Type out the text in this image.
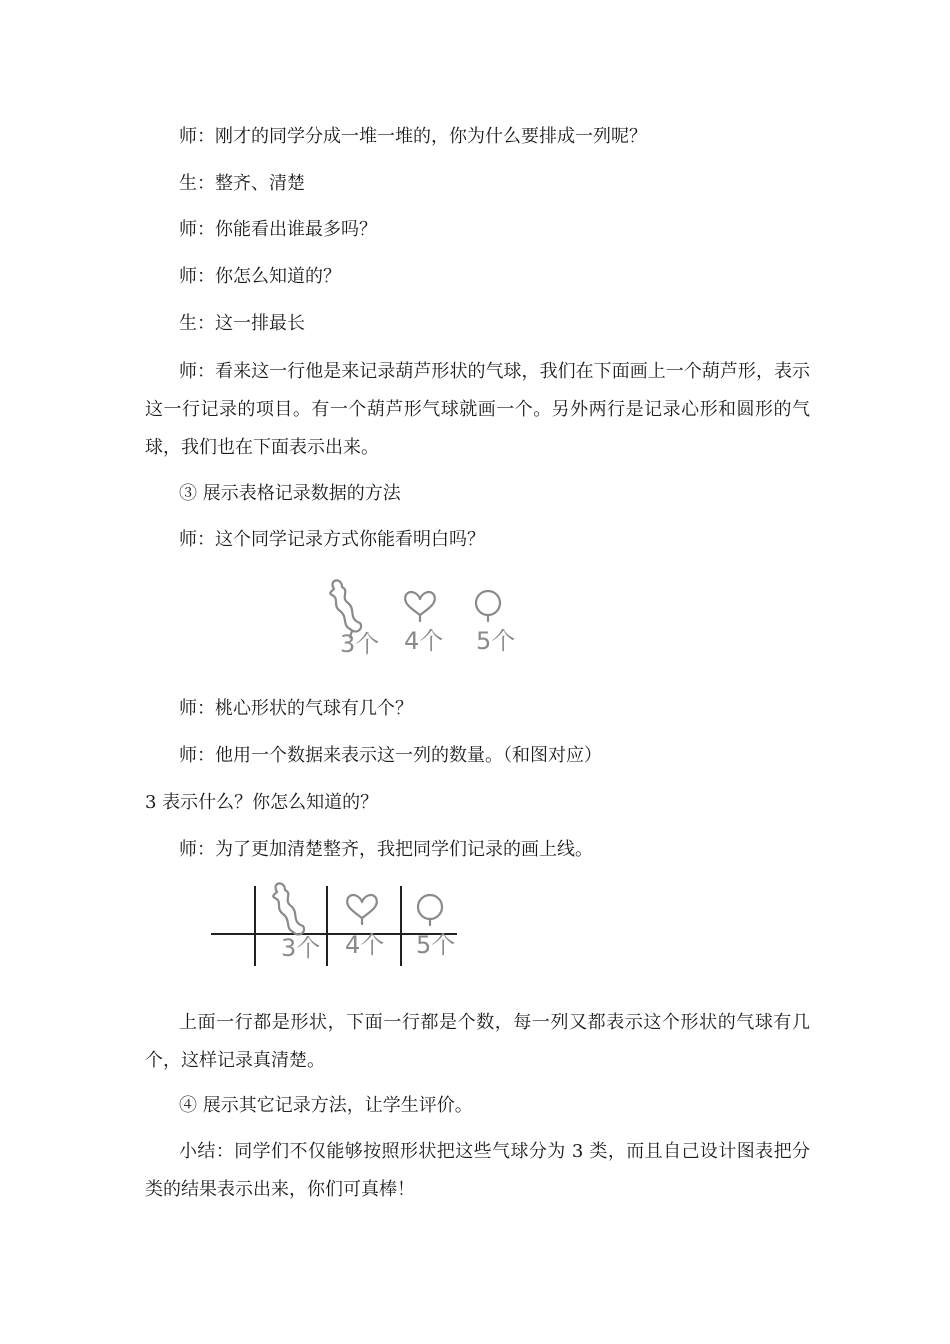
师：刚才的同学分成一堆一堆的，你为什么要排成一列呢？

生：整齐、清楚

师：你能看出谁最多吗？

师：你怎么知道的？

生：这一排最长

师：看来这一行他是来记录葫芦形状的气球，我们在下面画上一个葫芦形，表示这一行记录的项目。有一个葫芦形气球就画一个。另外两行是记录心形和圆形的气球，我们也在下面表示出来。

③ 展示表格记录数据的方法

师：这个同学记录方式你能看明白吗？

3个 4个 5个

师：桃心形状的气球有几个？

师：他用一个数据来表示这一列的数量。（和图对应）

3 表示什么？你怎么知道的？

师：为了更加清楚整齐，我把同学们记录的画上线。

3个 4个 5个

上面一行都是形状，下面一行都是个数，每一列又都表示这个形状的气球有几个，这样记录真清楚。

④ 展示其它记录方法，让学生评价。

小结：同学们不仅能够按照形状把这些气球分为 3 类，而且自己设计图表把分类的结果表示出来，你们可真棒！
